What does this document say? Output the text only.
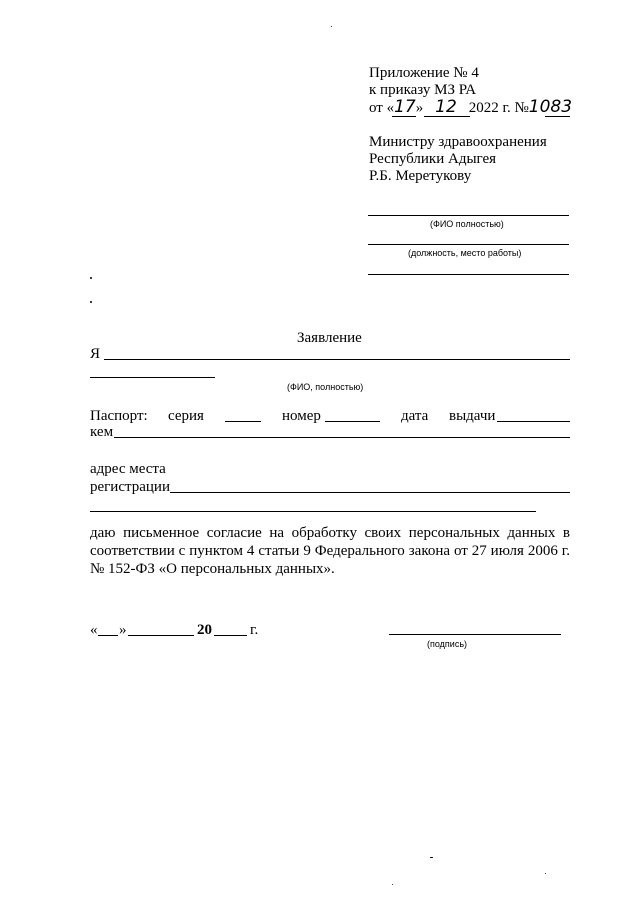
Приложение № 4
к приказу МЗ РА
от «17» 12 2022 г. №1083
Министру здравоохранения
Республики Адыгея
Р.Б. Меретукову
(ФИО полностью)
(должность, место работы)
Заявление
Я
(ФИО, полностью)
Паспорт: серия	номер	дата выдачи
кем
адрес места
регистрации
даю письменное согласие на обработку своих персональных данных в
соответствии с пунктом 4 статьи 9 Федерального закона от 27 июля 2006 г.
№ 152-ФЗ «О персональных данных».
« »	20	г.
(подпись)
